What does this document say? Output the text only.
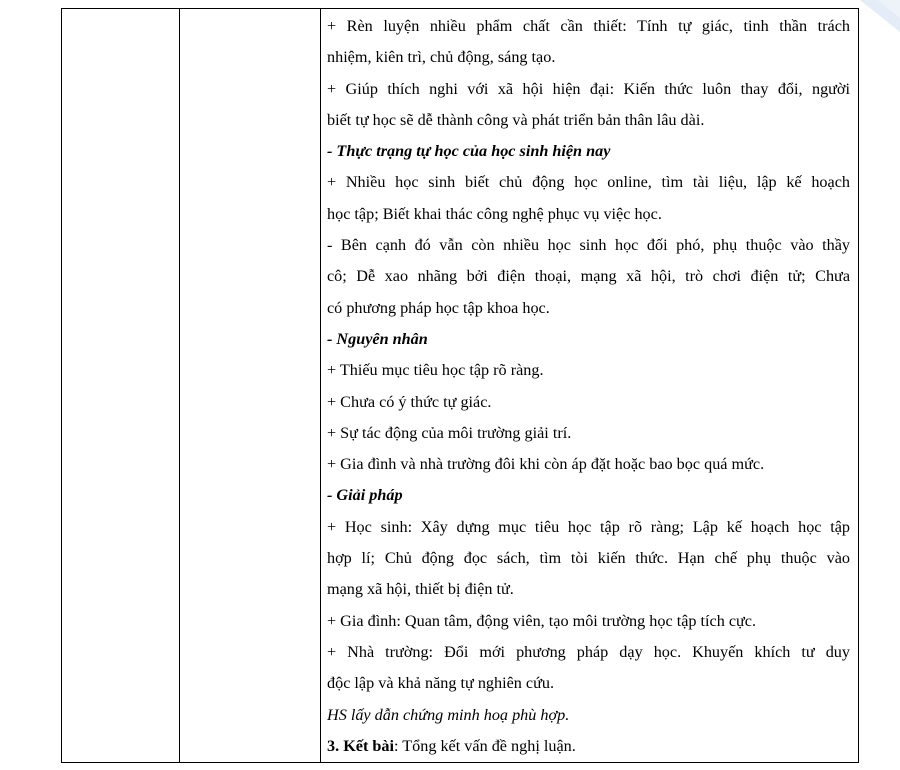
+ Rèn luyện nhiều phẩm chất cần thiết: Tính tự giác, tinh thần trách
nhiệm, kiên trì, chủ động, sáng tạo.
+ Giúp thích nghi với xã hội hiện đại: Kiến thức luôn thay đổi, người
biết tự học sẽ dễ thành công và phát triển bản thân lâu dài.
- Thực trạng tự học của học sinh hiện nay
+ Nhiều học sinh biết chủ động học online, tìm tài liệu, lập kế hoạch
học tập; Biết khai thác công nghệ phục vụ việc học.
- Bên cạnh đó vẫn còn nhiều học sinh học đối phó, phụ thuộc vào thầy
cô; Dễ xao nhãng bởi điện thoại, mạng xã hội, trò chơi điện tử; Chưa
có phương pháp học tập khoa học.
- Nguyên nhân
+ Thiếu mục tiêu học tập rõ ràng.
+ Chưa có ý thức tự giác.
+ Sự tác động của môi trường giải trí.
+ Gia đình và nhà trường đôi khi còn áp đặt hoặc bao bọc quá mức.
- Giải pháp
+ Học sinh: Xây dựng mục tiêu học tập rõ ràng; Lập kế hoạch học tập
hợp lí; Chủ động đọc sách, tìm tòi kiến thức. Hạn chế phụ thuộc vào
mạng xã hội, thiết bị điện tử.
+ Gia đình: Quan tâm, động viên, tạo môi trường học tập tích cực.
+ Nhà trường: Đổi mới phương pháp dạy học. Khuyến khích tư duy
độc lập và khả năng tự nghiên cứu.
HS lấy dẫn chứng minh hoạ phù hợp.
3. Kết bài: Tổng kết vấn đề nghị luận.
